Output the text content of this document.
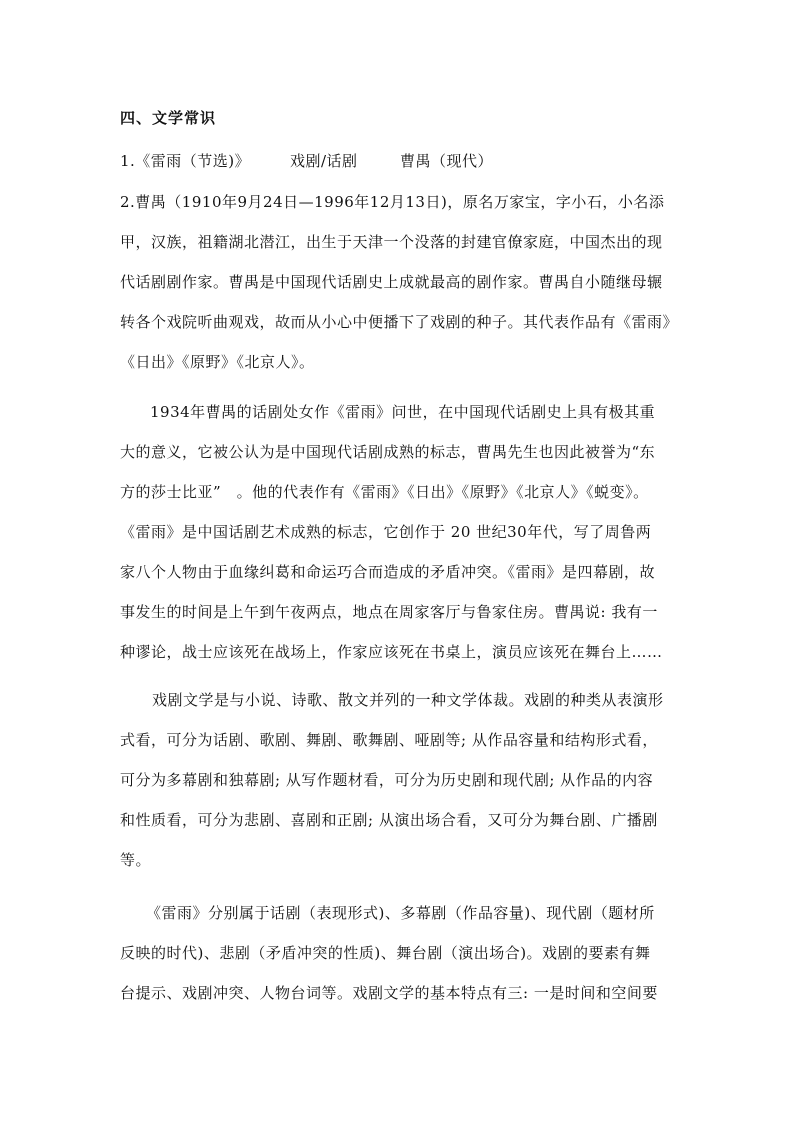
四、文学常识
1.《雷雨（节选)》	戏剧/话剧	曹禺（现代）
2.曹禺（1910年9月24日—1996年12月13日)，原名万家宝，字小石，小名添
甲，汉族，祖籍湖北潜江，出生于天津一个没落的封建官僚家庭，中国杰出的现
代话剧剧作家。曹禺是中国现代话剧史上成就最高的剧作家。曹禺自小随继母辗
转各个戏院听曲观戏，故而从小心中便播下了戏剧的种子。其代表作品有《雷雨》
《日出》《原野》《北京人》。
1934年曹禺的话剧处女作《雷雨》问世，在中国现代话剧史上具有极其重
大的意义，它被公认为是中国现代话剧成熟的标志，曹禺先生也因此被誉为“东
方的莎士比亚”　。他的代表作有《雷雨》《日出》《原野》《北京人》《蜕变》。
《雷雨》是中国话剧艺术成熟的标志，它创作于 20 世纪30年代，写了周鲁两
家八个人物由于血缘纠葛和命运巧合而造成的矛盾冲突。《雷雨》是四幕剧，故
事发生的时间是上午到午夜两点，地点在周家客厅与鲁家住房。曹禺说: 我有一
种谬论，战士应该死在战场上，作家应该死在书桌上，演员应该死在舞台上……
戏剧文学是与小说、诗歌、散文并列的一种文学体裁。戏剧的种类从表演形
式看，可分为话剧、歌剧、舞剧、歌舞剧、哑剧等; 从作品容量和结构形式看，
可分为多幕剧和独幕剧; 从写作题材看，可分为历史剧和现代剧; 从作品的内容
和性质看，可分为悲剧、喜剧和正剧; 从演出场合看，又可分为舞台剧、广播剧
等。
《雷雨》分别属于话剧（表现形式)、多幕剧（作品容量)、现代剧（题材所
反映的时代)、悲剧（矛盾冲突的性质)、舞台剧（演出场合)。戏剧的要素有舞
台提示、戏剧冲突、人物台词等。戏剧文学的基本特点有三: 一是时间和空间要
